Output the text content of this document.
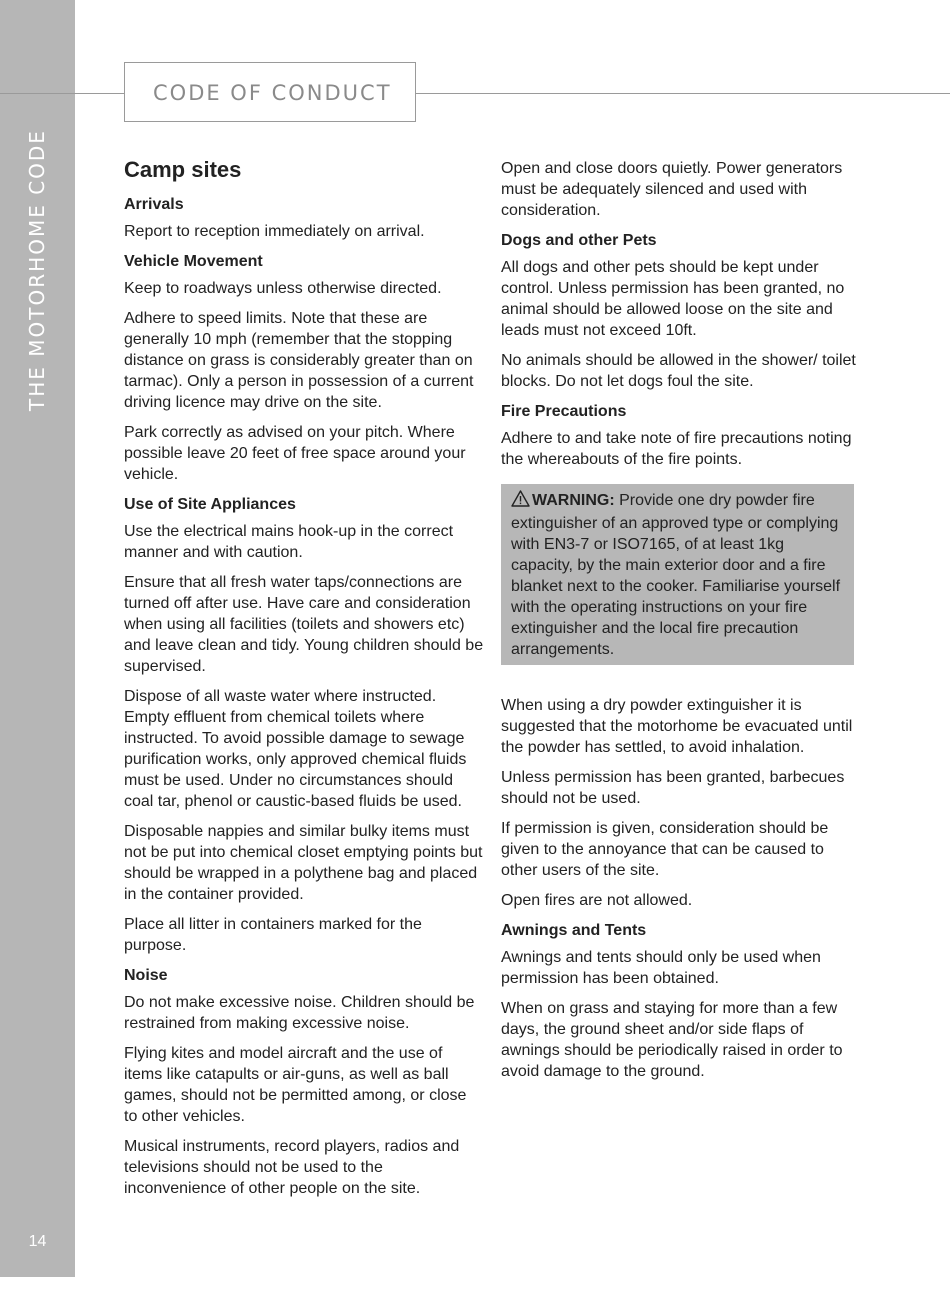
THE MOTORHOME CODE
14
CODE OF CONDUCT
Camp sites
Arrivals

Report to reception immediately on arrival.

Vehicle Movement

Keep to roadways unless otherwise directed.

Adhere to speed limits. Note that these are generally 10 mph (remember that the stopping distance on grass is considerably greater than on tarmac). Only a person in possession of a current driving licence may drive on the site.

Park correctly as advised on your pitch. Where possible leave 20 feet of free space around your vehicle.

Use of Site Appliances

Use the electrical mains hook-up in the correct manner and with caution.

Ensure that all fresh water taps/connections are turned off after use. Have care and consideration when using all facilities (toilets and showers etc) and leave clean and tidy. Young children should be supervised.

Dispose of all waste water where instructed. Empty effluent from chemical toilets where instructed. To avoid possible damage to sewage purification works, only approved chemical fluids must be used. Under no circumstances should coal tar, phenol or caustic-based fluids be used.

Disposable nappies and similar bulky items must not be put into chemical closet emptying points but should be wrapped in a polythene bag and placed in the container provided.

Place all litter in containers marked for the purpose.

Noise

Do not make excessive noise. Children should be restrained from making excessive noise.

Flying kites and model aircraft and the use of items like catapults or air-guns, as well as ball games, should not be permitted among, or close to other vehicles.

Musical instruments, record players, radios and televisions should not be used to the inconvenience of other people on the site.

Open and close doors quietly. Power generators must be adequately silenced and used with consideration.

Dogs and other Pets

All dogs and other pets should be kept under control. Unless permission has been granted, no animal should be allowed loose on the site and leads must not exceed 10ft.

No animals should be allowed in the shower/ toilet blocks. Do not let dogs foul the site.

Fire Precautions

Adhere to and take note of fire precautions noting the whereabouts of the fire points.

WARNING: Provide one dry powder fire extinguisher of an approved type or complying with EN3-7 or ISO7165, of at least 1kg capacity, by the main exterior door and a fire blanket next to the cooker. Familiarise yourself with the operating instructions on your fire extinguisher and the local fire precaution arrangements.

When using a dry powder extinguisher it is suggested that the motorhome be evacuated until the powder has settled, to avoid inhalation.

Unless permission has been granted, barbecues should not be used.

If permission is given, consideration should be given to the annoyance that can be caused to other users of the site.

Open fires are not allowed.

Awnings and Tents

Awnings and tents should only be used when permission has been obtained.

When on grass and staying for more than a few days, the ground sheet and/or side flaps of awnings should be periodically raised in order to avoid damage to the ground.
